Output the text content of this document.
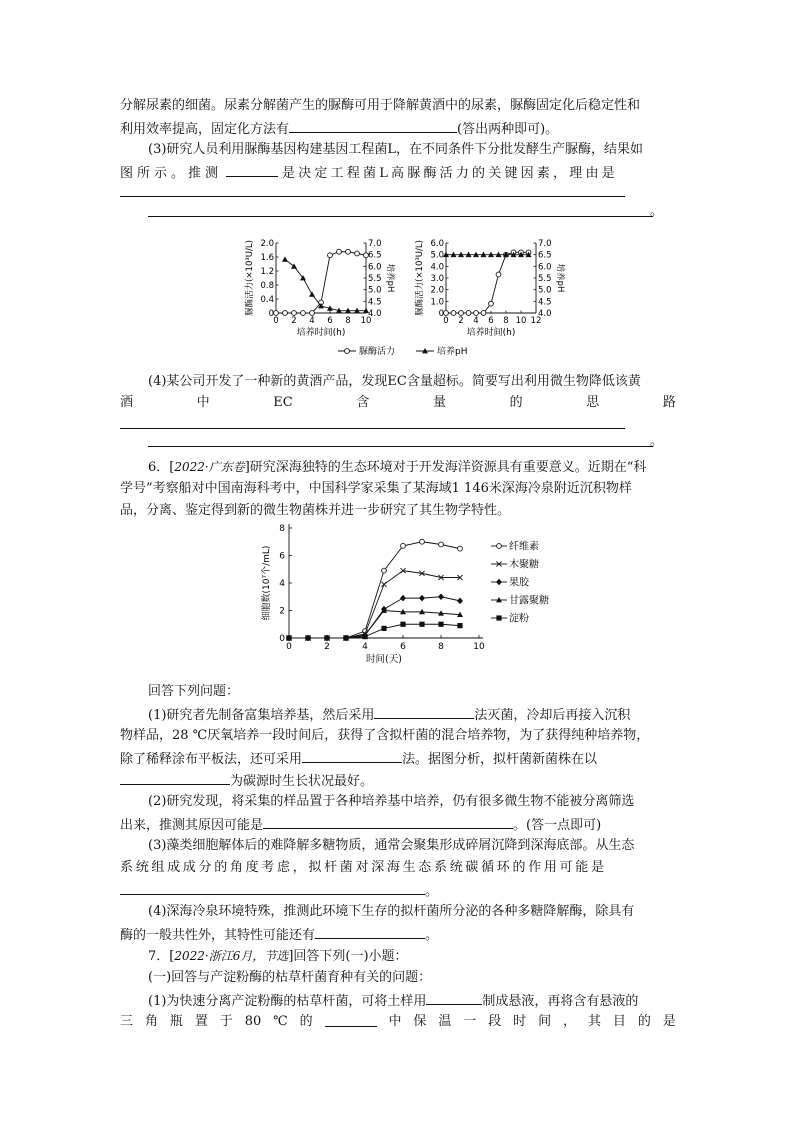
分解尿素的细菌。尿素分解菌产生的脲酶可用于降解黄酒中的尿素，脲酶固定化后稳定性和
利用效率提高，固定化方法有	(答出两种即可)。
(3)研究人员利用脲酶基因构建基因工程菌L，在不同条件下分批发酵生产脲酶，结果如
图所示。推测	是决定工程菌L高脲酶活力的关键因素，理由是
。
0
0.4
0.8
1.2
1.6
2.0
4.0
4.5
5.0
5.5
6.0
6.5
7.0
0 2 4 6 8 10
培养时间(h)
脲酶活力(×10³U/L)	培养pH
0
1.0
2.0
3.0
4.0
5.0
6.0
4.0
4.5
5.0
5.5
6.0
6.5
7.0
0 2 4 6 8 10 12
培养时间(h)
脲酶活力(×10³U/L)	培养pH
脲酶活力	培养pH
(4)某公司开发了一种新的黄酒产品，发现EC含量超标。简要写出利用微生物降低该黄
酒	中	EC	含	量	的	思	路
。
6．[2022·广东卷]研究深海独特的生态环境对于开发海洋资源具有重要意义。近期在“科
学号”考察船对中国南海科考中，中国科学家采集了某海域1 146米深海冷泉附近沉积物样
品，分离、鉴定得到新的微生物菌株并进一步研究了其生物学特性。
0
2
4
6
8
0	2	4	6	8	10
时间(天)
细胞数(10⁷个/mL)	纤维素
木聚糖
果胶
甘露聚糖
淀粉
回答下列问题：
(1)研究者先制备富集培养基，然后采用	法灭菌，冷却后再接入沉积
物样品，28 ℃厌氧培养一段时间后，获得了含拟杆菌的混合培养物，为了获得纯种培养物，
除了稀释涂布平板法，还可采用	法。据图分析，拟杆菌新菌株在以
为碳源时生长状况最好。
(2)研究发现，将采集的样品置于各种培养基中培养，仍有很多微生物不能被分离筛选
出来，推测其原因可能是	。(答一点即可)
(3)藻类细胞解体后的难降解多糖物质，通常会聚集形成碎屑沉降到深海底部。从生态
系统组成成分的角度考虑，拟杆菌对深海生态系统碳循环的作用可能是
。
(4)深海冷泉环境特殊，推测此环境下生存的拟杆菌所分泌的各种多糖降解酶，除具有
酶的一般共性外，其特性可能还有	。
7．[2022·浙江6月，节选]回答下列(一)小题：
(一)回答与产淀粉酶的枯草杆菌育种有关的问题：
(1)为快速分离产淀粉酶的枯草杆菌，可将土样用	制成悬液，再将含有悬液的
三 角 瓶 置 于 80 ℃ 的	中 保 温 一 段 时 间 ， 其 目 的 是
